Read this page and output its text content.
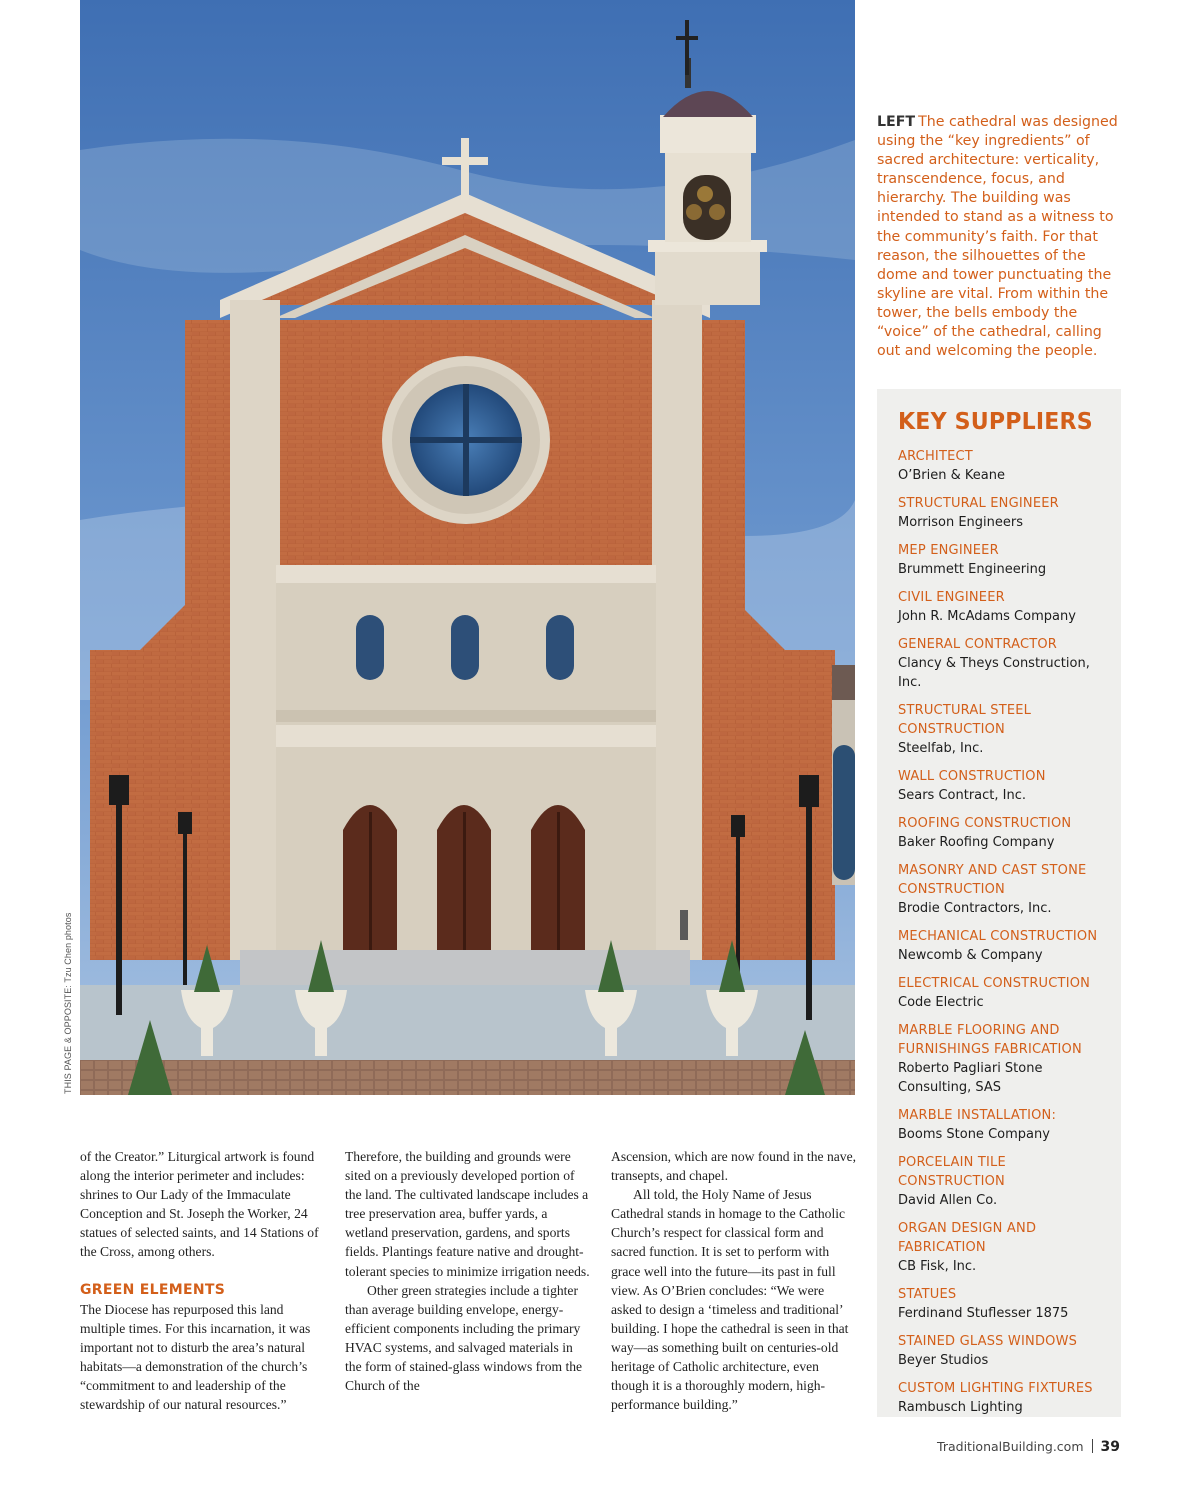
THIS PAGE & OPPOSITE: Tzu Chen photos
LEFT The cathedral was designed using the “key ingredients” of sacred architecture: verticality, transcendence, focus, and hierarchy. The building was intended to stand as a witness to the community’s faith. For that reason, the silhouettes of the dome and tower punctuating the skyline are vital. From within the tower, the bells embody the “voice” of the cathedral, calling out and welcoming the people.
KEY SUPPLIERS
ARCHITECT
O’Brien & Keane
STRUCTURAL ENGINEER
Morrison Engineers
MEP ENGINEER
Brummett Engineering
CIVIL ENGINEER
John R. McAdams Company
GENERAL CONTRACTOR
Clancy & Theys Construction, Inc.
STRUCTURAL STEEL CONSTRUCTION
Steelfab, Inc.
WALL CONSTRUCTION
Sears Contract, Inc.
ROOFING CONSTRUCTION
Baker Roofing Company
MASONRY AND CAST STONE CONSTRUCTION
Brodie Contractors, Inc.
MECHANICAL CONSTRUCTION
Newcomb & Company
ELECTRICAL CONSTRUCTION
Code Electric
MARBLE FLOORING AND FURNISHINGS FABRICATION
Roberto Pagliari Stone Consulting, SAS
MARBLE INSTALLATION:
Booms Stone Company
PORCELAIN TILE CONSTRUCTION
David Allen Co.
ORGAN DESIGN AND FABRICATION
CB Fisk, Inc.
STATUES
Ferdinand Stuflesser 1875
STAINED GLASS WINDOWS
Beyer Studios
CUSTOM LIGHTING FIXTURES
Rambusch Lighting

of the Creator.” Liturgical artwork is found along the interior perimeter and includes: shrines to Our Lady of the Immaculate Conception and St. Joseph the Worker, 24 statues of selected saints, and 14 Stations of the Cross, among others.

GREEN ELEMENTS

The Diocese has repurposed this land multiple times. For this incarnation, it was important not to disturb the area’s natural habitats—a demonstration of the church’s “commitment to and leadership of the stewardship of our natural resources.”

Therefore, the building and grounds were sited on a previously developed portion of the land. The cultivated landscape includes a tree preservation area, buffer yards, a wetland preservation, gardens, and sports fields. Plantings feature native and drought-tolerant species to minimize irrigation needs.

Other green strategies include a tighter than average building envelope, energy-efficient components including the primary HVAC systems, and salvaged materials in the form of stained-glass windows from the Church of the

Ascension, which are now found in the nave, transepts, and chapel.

All told, the Holy Name of Jesus Cathedral stands in homage to the Catholic Church’s respect for classical form and sacred function. It is set to perform with grace well into the future—its past in full view. As O’Brien concludes: “We were asked to design a ‘timeless and traditional’ building. I hope the cathedral is seen in that way—as something built on centuries-old heritage of Catholic architecture, even though it is a thoroughly modern, high-performance building.”

TraditionalBuilding.com 39
